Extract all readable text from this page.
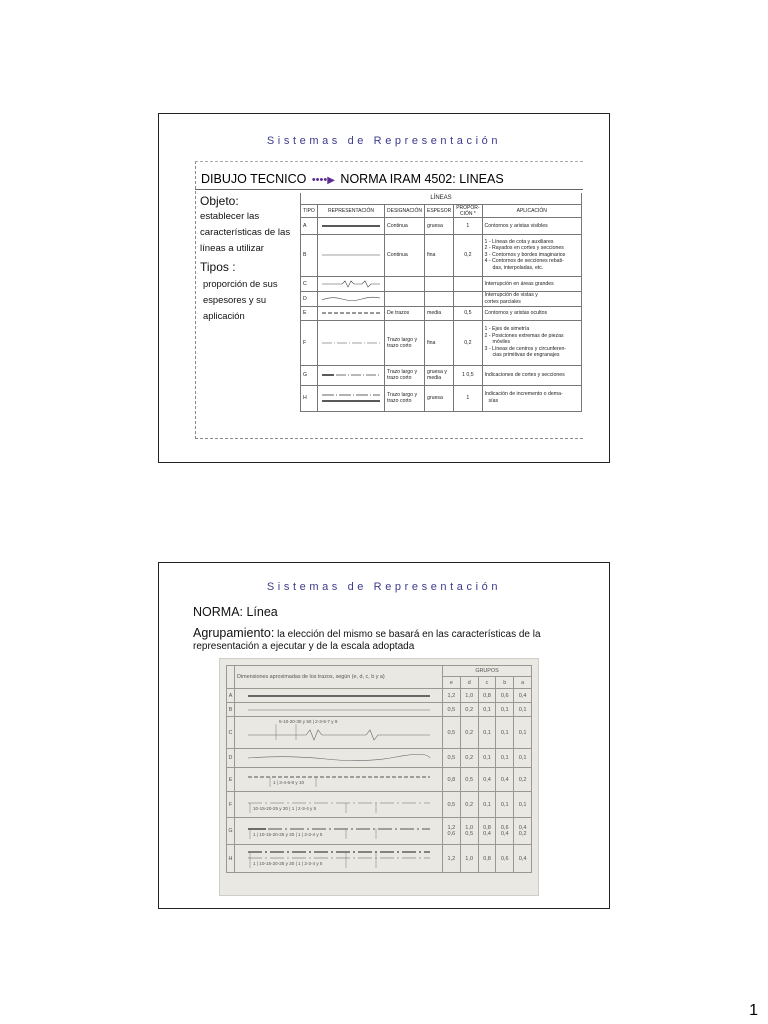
Sistemas de Representación
DIBUJO TECNICO ••••▶ NORMA IRAM 4502: LINEAS
Objeto:
establecer las características de las líneas a utilizar
Tipos :
proporción de sus espesores y su aplicación
LÍNEAS					
TIPO	REPRESENTACIÓN	DESIGNACIÓN	ESPESOR	PROPOR-CIÓN *	APLICACIÓN
A		Continua	gruesa	1	Contornos y aristas visibles
B		Continua	fina	0,2	1 - Líneas de cota y auxiliares
2 - Rayados en cortes y secciones
3 - Contornos y bordes imaginarios
4 - Contornos de secciones rebati-
das, interpoladas, etc.

C					Interrupción en áreas grandes
D					Interrupción de vistas y
cortes parciales

E		De trazos	media	0,5	Contornos y aristas ocultos
F		Trazo largo y trazo corto	fina	0,2	1 - Ejes de simetría
2 - Posiciones extremas de piezas
móviles
3 - Líneas de centros y circunferen-
cias primitivas de engranajes

G		Trazo largo y trazo corto	gruesa y media	1 0,5	Indicaciones de cortes y secciones
H		Trazo largo y trazo corto	gruesa	1	Indicación de incremento o dema-
sías
Sistemas de Representación
NORMA: Línea
Agrupamiento: la elección del mismo se basará en las características de la representación a ejecutar y de la escala adoptada
	Dimensiones aproximadas de los trazos, según (e, d, c, b y a)	GRUPOS				
		e	d	c	b	a
A		1,2	1,0	0,8	0,6	0,4
B		0,5	0,2	0,1	0,1	0,1
C	5-10-20-30 y 50 | 2-3-5-7 y 9	0,5	0,2	0,1	0,1	0,1
D		0,5	0,2	0,1	0,1	0,1
E	1 | 3-4-6-8 y 10	0,8	0,5	0,4	0,4	0,2
F	10-15-20-25 y 30 | 1 | 2-3-4 y 5	0,5	0,2	0,1	0,1	0,1
G	1 | 10-15-20-25 y 30 | 1 | 2-3-4 y 5	1,2 0,6	1,0 0,5	0,8 0,4	0,6 0,4	0,4 0,2
H	1 | 10-15-20-25 y 30 | 1 | 2-3-4 y 5	1,2	1,0	0,8	0,6	0,4
1
